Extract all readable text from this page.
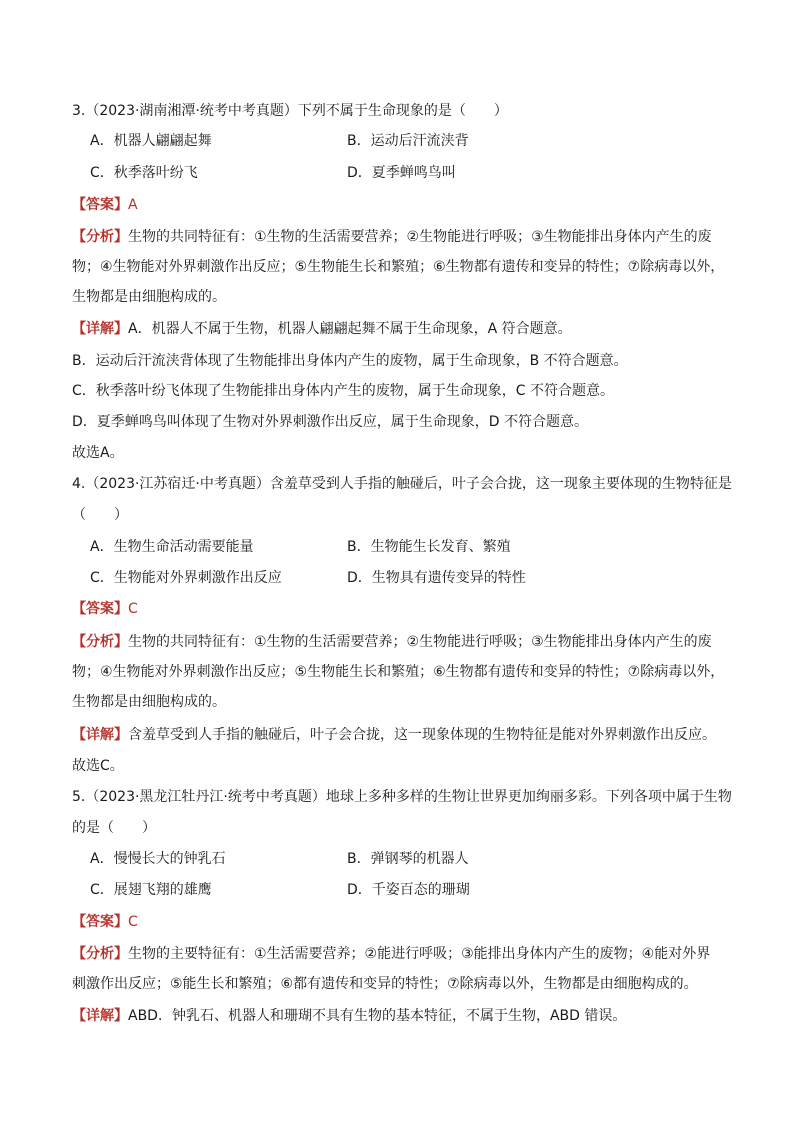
3.（2023·湖南湘潭·统考中考真题）下列不属于生命现象的是（　　）
A．机器人翩翩起舞	B．运动后汗流浃背
C．秋季落叶纷飞	D．夏季蝉鸣鸟叫
【答案】A
【分析】生物的共同特征有：①生物的生活需要营养；②生物能进行呼吸；③生物能排出身体内产生的废
物；④生物能对外界刺激作出反应；⑤生物能生长和繁殖；⑥生物都有遗传和变异的特性；⑦除病毒以外，
生物都是由细胞构成的。
【详解】A．机器人不属于生物，机器人翩翩起舞不属于生命现象，A 符合题意。
B．运动后汗流浃背体现了生物能排出身体内产生的废物，属于生命现象，B 不符合题意。
C．秋季落叶纷飞体现了生物能排出身体内产生的废物，属于生命现象，C 不符合题意。
D．夏季蝉鸣鸟叫体现了生物对外界刺激作出反应，属于生命现象，D 不符合题意。
故选A。
4.（2023·江苏宿迁·中考真题）含羞草受到人手指的触碰后，叶子会合拢，这一现象主要体现的生物特征是
（　　）
A．生物生命活动需要能量	B．生物能生长发育、繁殖
C．生物能对外界刺激作出反应	D．生物具有遗传变异的特性
【答案】C
【分析】生物的共同特征有：①生物的生活需要营养；②生物能进行呼吸；③生物能排出身体内产生的废
物；④生物能对外界刺激作出反应；⑤生物能生长和繁殖；⑥生物都有遗传和变异的特性；⑦除病毒以外，
生物都是由细胞构成的。
【详解】含羞草受到人手指的触碰后，叶子会合拢，这一现象体现的生物特征是能对外界刺激作出反应。
故选C。
5.（2023·黑龙江牡丹江·统考中考真题）地球上多种多样的生物让世界更加绚丽多彩。下列各项中属于生物
的是（　　）
A．慢慢长大的钟乳石	B．弹钢琴的机器人
C．展翅飞翔的雄鹰	D．千姿百态的珊瑚
【答案】C
【分析】生物的主要特征有：①生活需要营养；②能进行呼吸；③能排出身体内产生的废物；④能对外界
刺激作出反应；⑤能生长和繁殖；⑥都有遗传和变异的特性；⑦除病毒以外，生物都是由细胞构成的。
【详解】ABD．钟乳石、机器人和珊瑚不具有生物的基本特征，不属于生物，ABD 错误。
